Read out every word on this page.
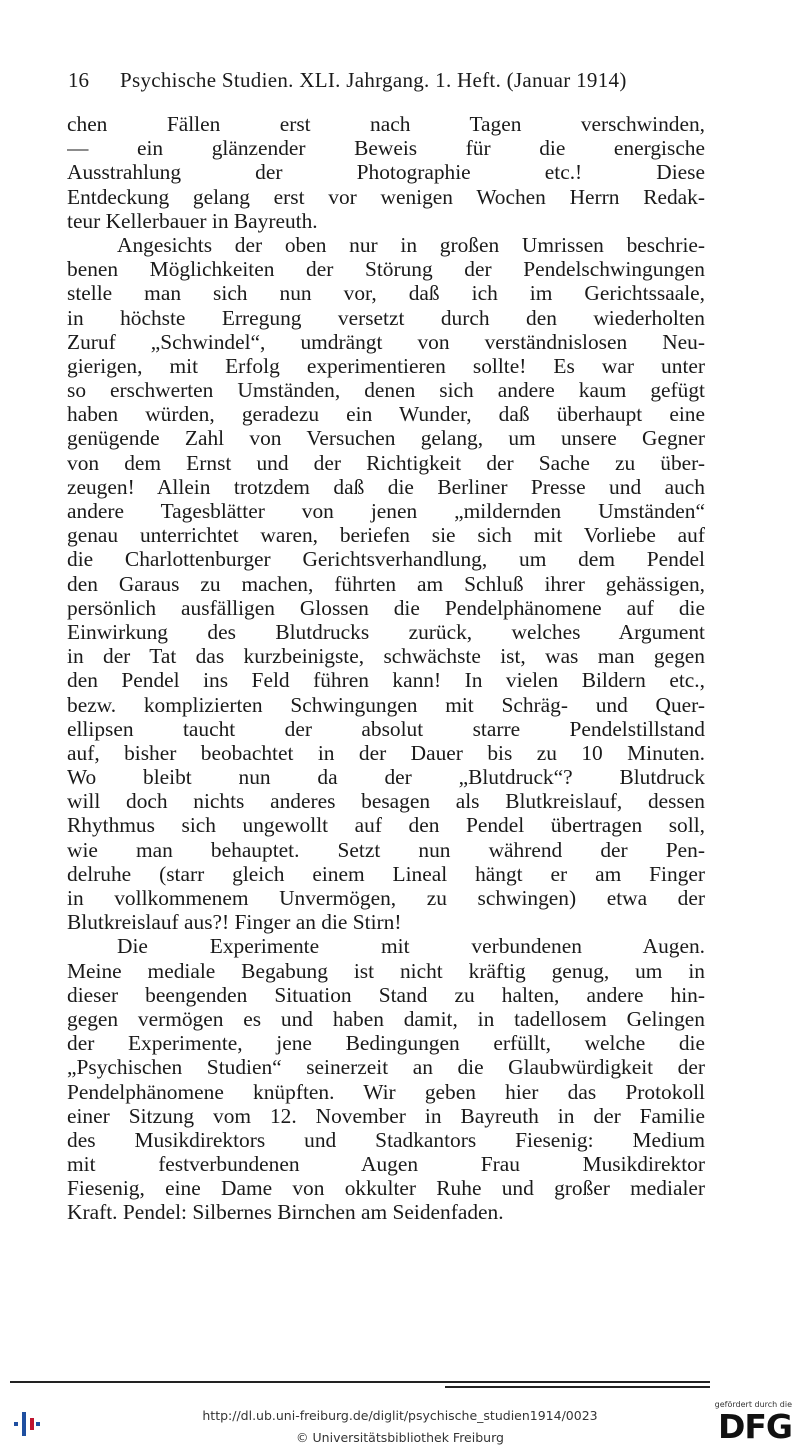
16	Psychische Studien. XLI. Jahrgang. 1. Heft. (Januar 1914)
chen Fällen erst nach Tagen verschwinden,
— ein glänzender Beweis für die energische
Ausstrahlung der Photographie etc.! Diese
Entdeckung gelang erst vor wenigen Wochen Herrn Redak-
teur Kellerbauer in Bayreuth.
Angesichts der oben nur in großen Umrissen beschrie-
benen Möglichkeiten der Störung der Pendelschwingungen
stelle man sich nun vor, daß ich im Gerichtssaale,
in höchste Erregung versetzt durch den wiederholten
Zuruf „Schwindel“, umdrängt von verständnislosen Neu-
gierigen, mit Erfolg experimentieren sollte! Es war unter
so erschwerten Umständen, denen sich andere kaum gefügt
haben würden, geradezu ein Wunder, daß überhaupt eine
genügende Zahl von Versuchen gelang, um unsere Gegner
von dem Ernst und der Richtigkeit der Sache zu über-
zeugen! Allein trotzdem daß die Berliner Presse und auch
andere Tagesblätter von jenen „mildernden Umständen“
genau unterrichtet waren, beriefen sie sich mit Vorliebe auf
die Charlottenburger Gerichtsverhandlung, um dem Pendel
den Garaus zu machen, führten am Schluß ihrer gehässigen,
persönlich ausfälligen Glossen die Pendelphänomene auf die
Einwirkung des Blutdrucks zurück, welches Argument
in der Tat das kurzbeinigste, schwächste ist, was man gegen
den Pendel ins Feld führen kann! In vielen Bildern etc.,
bezw. komplizierten Schwingungen mit Schräg- und Quer-
ellipsen taucht der absolut starre Pendelstillstand
auf, bisher beobachtet in der Dauer bis zu 10 Minuten.
Wo bleibt nun da der „Blutdruck“? Blutdruck
will doch nichts anderes besagen als Blutkreislauf, dessen
Rhythmus sich ungewollt auf den Pendel übertragen soll,
wie man behauptet. Setzt nun während der Pen-
delruhe (starr gleich einem Lineal hängt er am Finger
in vollkommenem Unvermögen, zu schwingen) etwa der
Blutkreislauf aus?! Finger an die Stirn!
Die Experimente mit verbundenen Augen.
Meine mediale Begabung ist nicht kräftig genug, um in
dieser beengenden Situation Stand zu halten, andere hin-
gegen vermögen es und haben damit, in tadellosem Gelingen
der Experimente, jene Bedingungen erfüllt, welche die
„Psychischen Studien“ seinerzeit an die Glaubwürdigkeit der
Pendelphänomene knüpften. Wir geben hier das Protokoll
einer Sitzung vom 12. November in Bayreuth in der Familie
des Musikdirektors und Stadkantors Fiesenig: Medium
mit festverbundenen Augen Frau Musikdirektor
Fiesenig, eine Dame von okkulter Ruhe und großer medialer
Kraft. Pendel: Silbernes Birnchen am Seidenfaden.
http://dl.ub.uni-freiburg.de/diglit/psychische_studien1914/0023
© Universitätsbibliothek Freiburg
gefördert durch die
DFG
